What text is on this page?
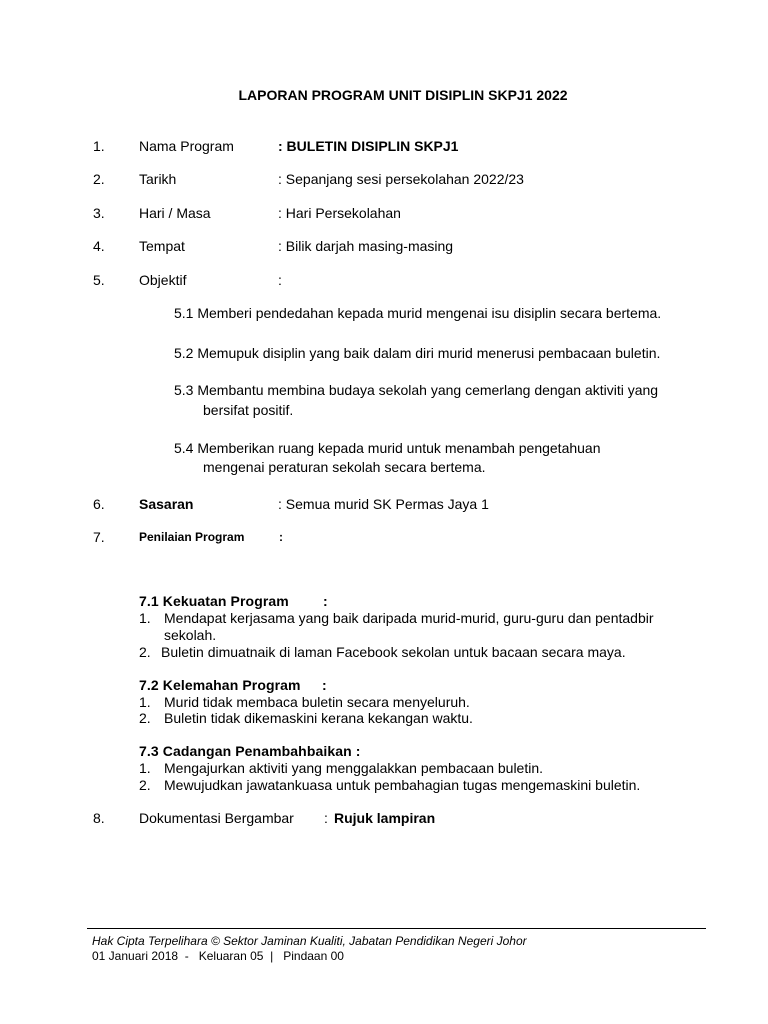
LAPORAN PROGRAM UNIT DISIPLIN SKPJ1 2022
1. Nama Program	: BULETIN DISIPLIN SKPJ1
2. Tarikh	: Sepanjang sesi persekolahan 2022/23
3. Hari / Masa	: Hari Persekolahan
4. Tempat	: Bilik darjah masing-masing
5. Objektif	:
5.1 Memberi pendedahan kepada murid mengenai isu disiplin secara bertema.
5.2 Memupuk disiplin yang baik dalam diri murid menerusi pembacaan buletin.
5.3 Membantu membina budaya sekolah yang cemerlang dengan aktiviti yang
bersifat positif.
5.4 Memberikan ruang kepada murid untuk menambah pengetahuan
mengenai peraturan sekolah secara bertema.
6. Sasaran	: Semua murid SK Permas Jaya 1
7.	Penilaian Program	:
7.1 Kekuatan Program :
1. Mendapat kerjasama yang baik daripada murid-murid, guru-guru dan pentadbir
sekolah.
2. Buletin dimuatnaik di laman Facebook sekolan untuk bacaan secara maya.
7.2 Kelemahan Program :
1. Murid tidak membaca buletin secara menyeluruh.
2. Buletin tidak dikemaskini kerana kekangan waktu.
7.3 Cadangan Penambahbaikan :
1. Mengajurkan aktiviti yang menggalakkan pembacaan buletin.
2. Mewujudkan jawatankuasa untuk pembahagian tugas mengemaskini buletin.
8. Dokumentasi Bergambar : Rujuk lampiran
Hak Cipta Terpelihara © Sektor Jaminan Kualiti, Jabatan Pendidikan Negeri Johor
01 Januari 2018  -   Keluaran 05  |   Pindaan 00
